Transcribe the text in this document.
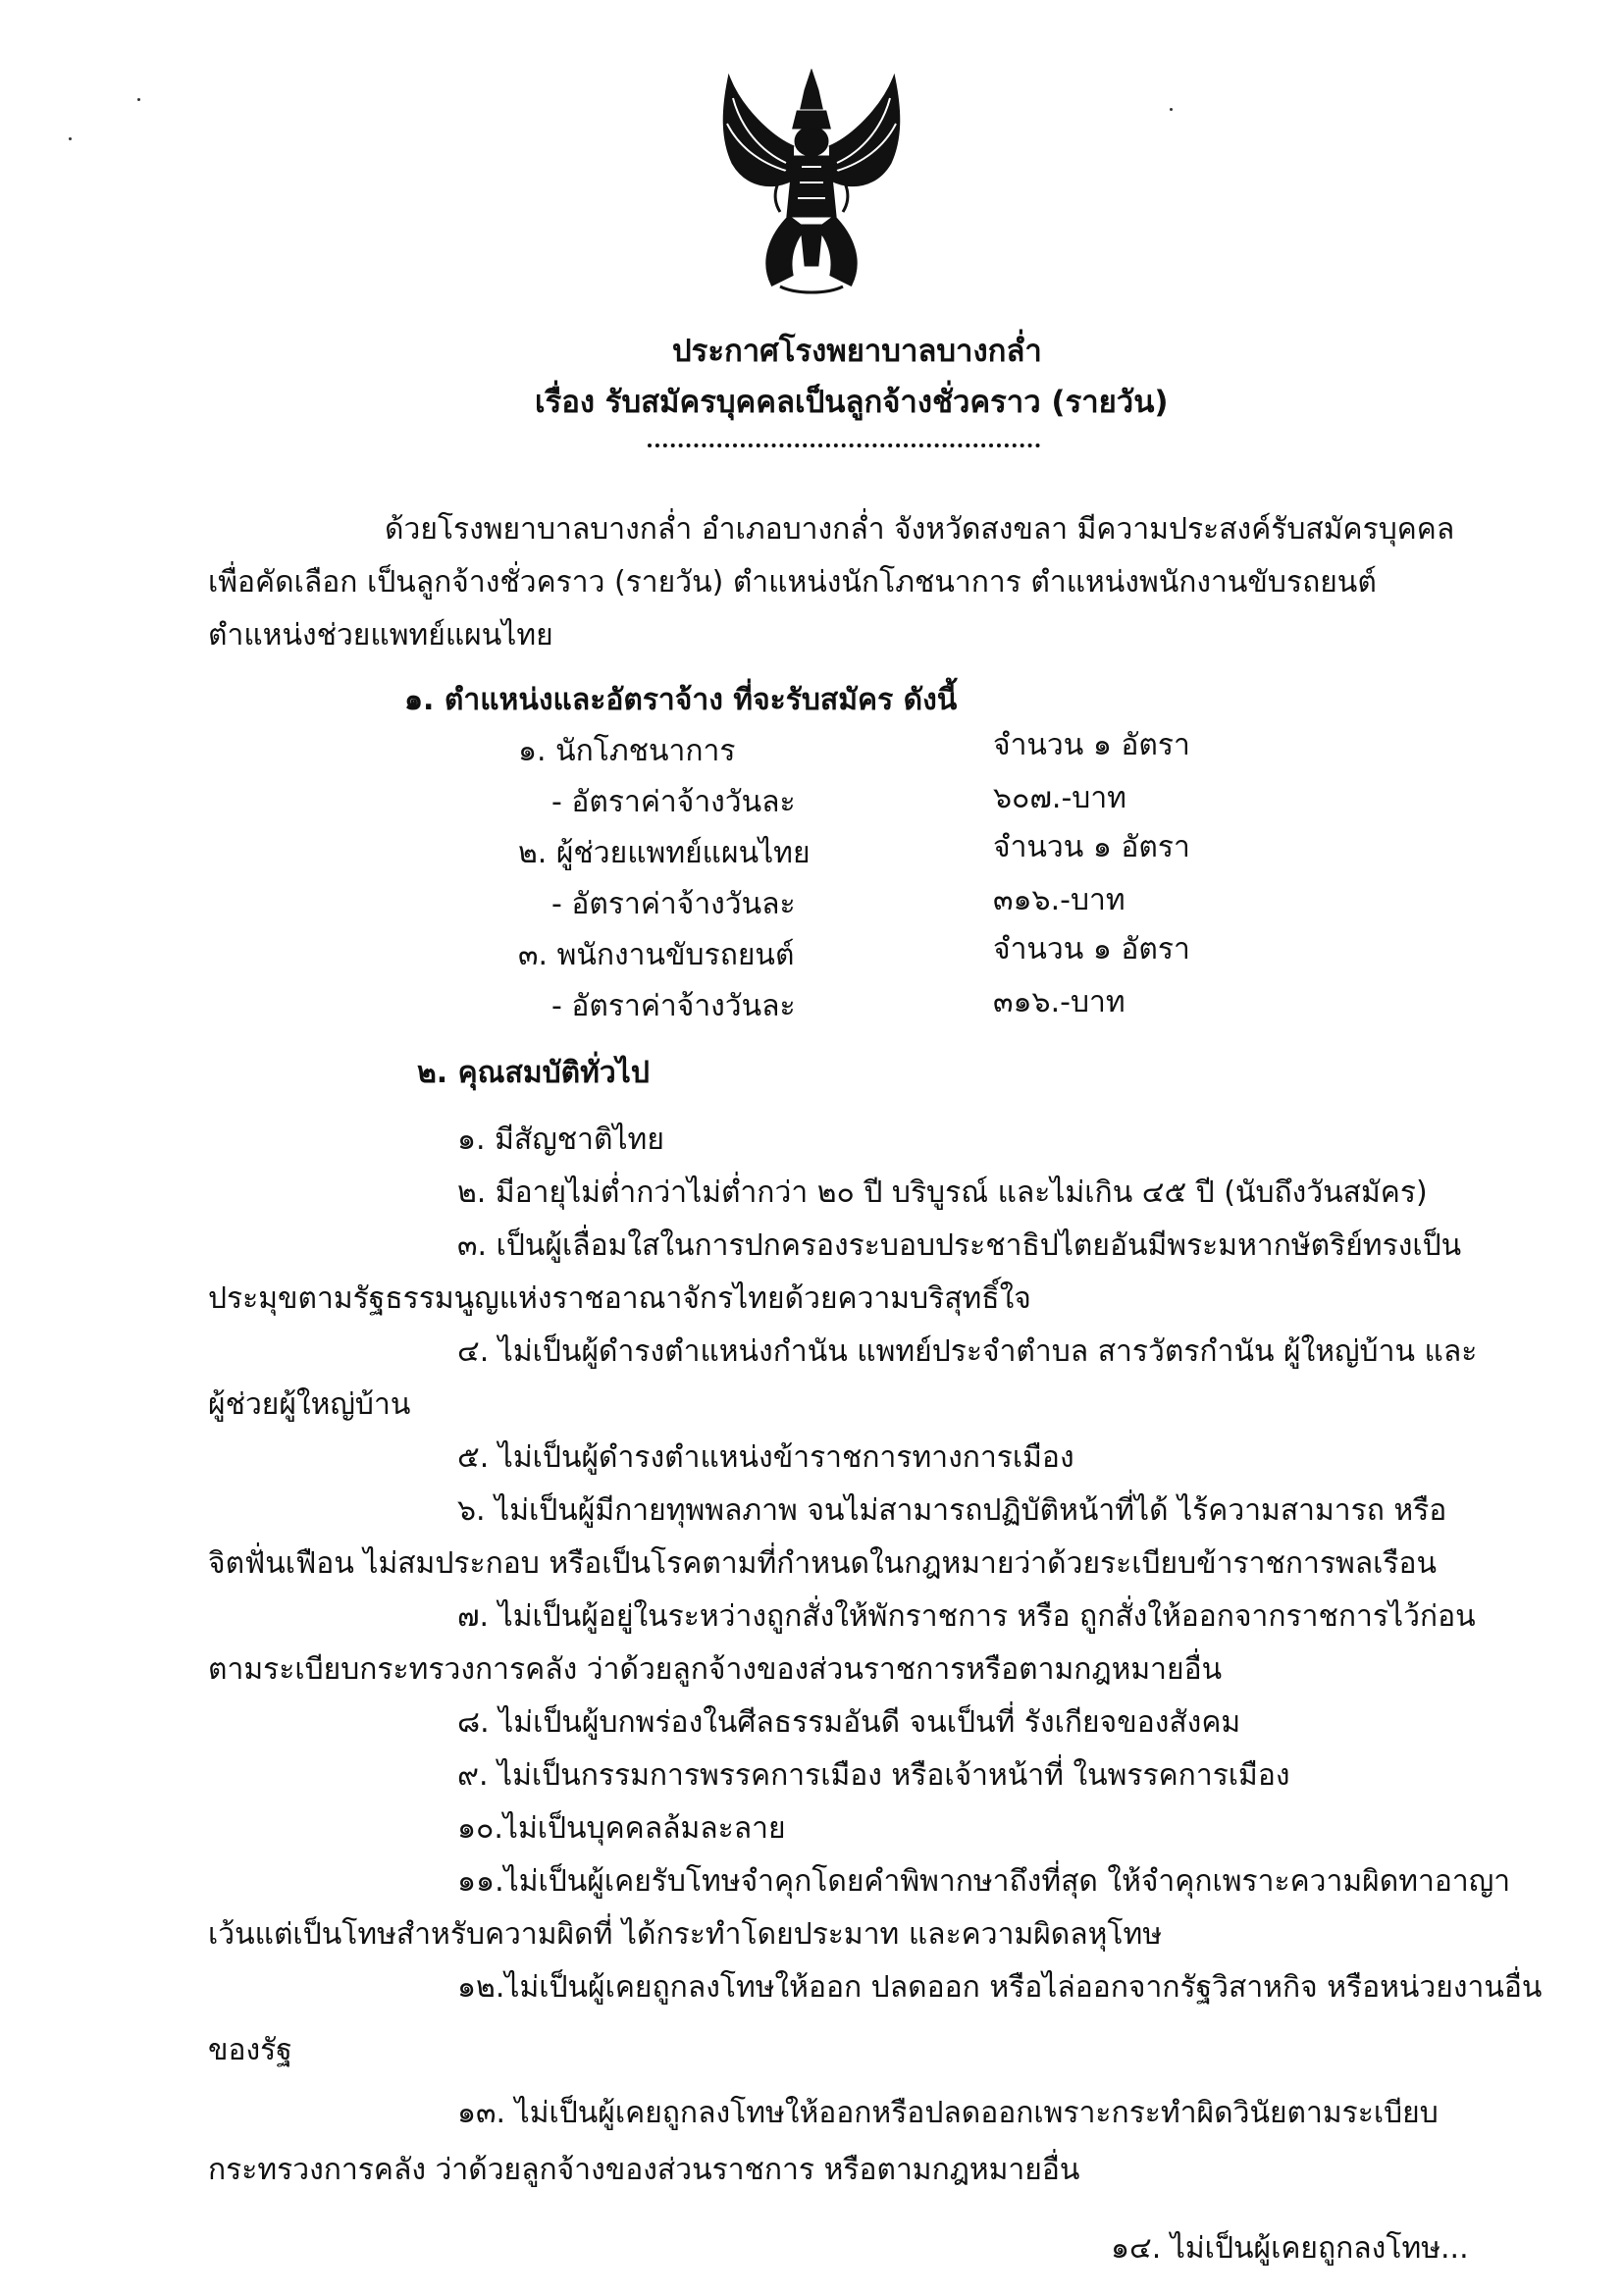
ประกาศโรงพยาบาลบางกล่ำ
เรื่อง รับสมัครบุคคลเป็นลูกจ้างชั่วคราว (รายวัน)
ด้วยโรงพยาบาลบางกล่ำ อำเภอบางกล่ำ จังหวัดสงขลา มีความประสงค์รับสมัครบุคคล
เพื่อคัดเลือก เป็นลูกจ้างชั่วคราว (รายวัน) ตำแหน่งนักโภชนาการ ตำแหน่งพนักงานขับรถยนต์
ตำแหน่งช่วยแพทย์แผนไทย
๑. ตำแหน่งและอัตราจ้าง ที่จะรับสมัคร ดังนี้
๑. นักโภชนาการ	จำนวน ๑ อัตรา
- อัตราค่าจ้างวันละ	๖๐๗.-บาท
๒. ผู้ช่วยแพทย์แผนไทย	จำนวน ๑ อัตรา
- อัตราค่าจ้างวันละ	๓๑๖.-บาท
๓. พนักงานขับรถยนต์	จำนวน ๑ อัตรา
- อัตราค่าจ้างวันละ	๓๑๖.-บาท
๒. คุณสมบัติทั่วไป
๑. มีสัญชาติไทย
๒. มีอายุไม่ต่ำกว่าไม่ต่ำกว่า ๒๐ ปี บริบูรณ์ และไม่เกิน ๔๕ ปี (นับถึงวันสมัคร)
๓. เป็นผู้เลื่อมใสในการปกครองระบอบประชาธิปไตยอันมีพระมหากษัตริย์ทรงเป็น
ประมุขตามรัฐธรรมนูญแห่งราชอาณาจักรไทยด้วยความบริสุทธิ์ใจ
๔. ไม่เป็นผู้ดำรงตำแหน่งกำนัน แพทย์ประจำตำบล สารวัตรกำนัน ผู้ใหญ่บ้าน และ
ผู้ช่วยผู้ใหญ่บ้าน
๕. ไม่เป็นผู้ดำรงตำแหน่งข้าราชการทางการเมือง
๖. ไม่เป็นผู้มีกายทุพพลภาพ จนไม่สามารถปฏิบัติหน้าที่ได้ ไร้ความสามารถ หรือ
จิตฟั่นเฟือน ไม่สมประกอบ หรือเป็นโรคตามที่กำหนดในกฎหมายว่าด้วยระเบียบข้าราชการพลเรือน
๗. ไม่เป็นผู้อยู่ในระหว่างถูกสั่งให้พักราชการ หรือ ถูกสั่งให้ออกจากราชการไว้ก่อน
ตามระเบียบกระทรวงการคลัง ว่าด้วยลูกจ้างของส่วนราชการหรือตามกฎหมายอื่น
๘. ไม่เป็นผู้บกพร่องในศีลธรรมอันดี จนเป็นที่ รังเกียจของสังคม
๙. ไม่เป็นกรรมการพรรคการเมือง หรือเจ้าหน้าที่ ในพรรคการเมือง
๑๐.ไม่เป็นบุคคลล้มละลาย
๑๑.ไม่เป็นผู้เคยรับโทษจำคุกโดยคำพิพากษาถึงที่สุด ให้จำคุกเพราะความผิดทาอาญา
เว้นแต่เป็นโทษสำหรับความผิดที่ ได้กระทำโดยประมาท และความผิดลหุโทษ
๑๒.ไม่เป็นผู้เคยถูกลงโทษให้ออก ปลดออก หรือไล่ออกจากรัฐวิสาหกิจ หรือหน่วยงานอื่น
ของรัฐ
๑๓. ไม่เป็นผู้เคยถูกลงโทษให้ออกหรือปลดออกเพราะกระทำผิดวินัยตามระเบียบ
กระทรวงการคลัง ว่าด้วยลูกจ้างของส่วนราชการ หรือตามกฎหมายอื่น
๑๔. ไม่เป็นผู้เคยถูกลงโทษ...
